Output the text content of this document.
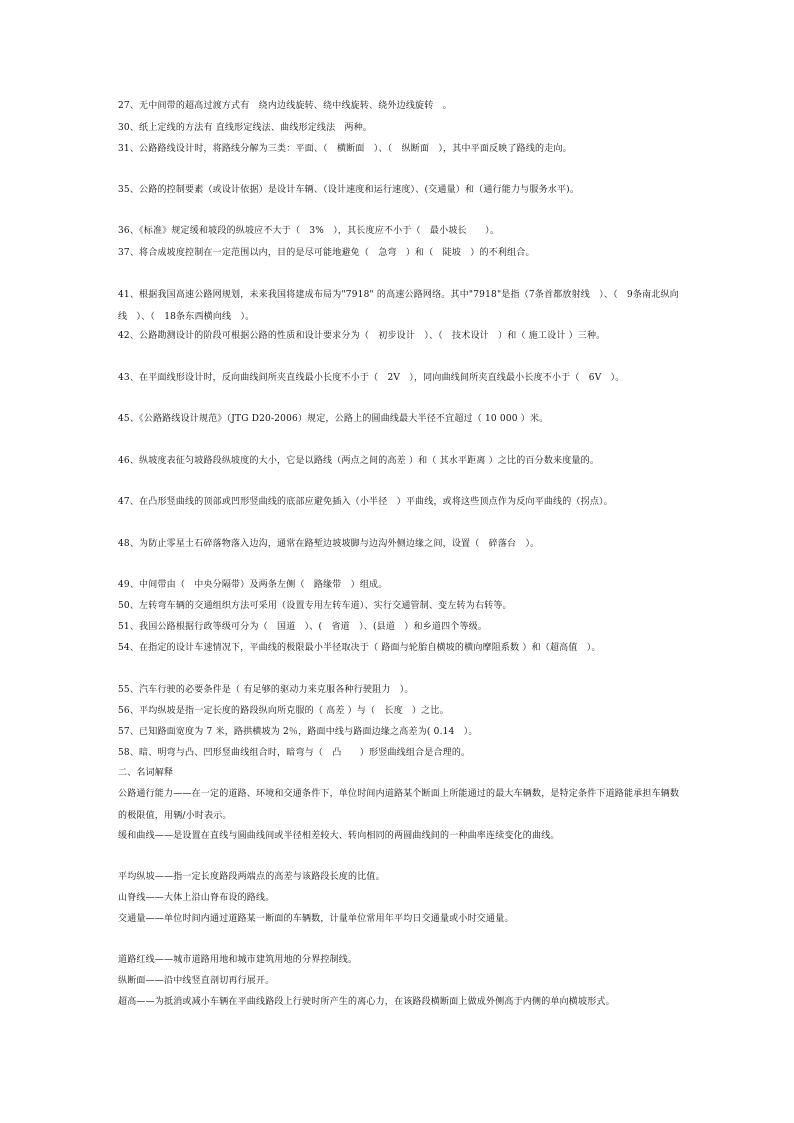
27、无中间带的超高过渡方式有　绕内边线旋转、绕中线旋转、绕外边线旋转　。
30、纸上定线的方法有 直线形定线法、曲线形定线法　两种。
31、公路路线设计时，将路线分解为三类：平面、（　横断面　）、（　纵断面　），其中平面反映了路线的走向。
35、公路的控制要素（或设计依据）是设计车辆、（设计速度和运行速度）、(交通量）和（通行能力与服务水平)。
36、《标准》规定缓和坡段的纵坡应不大于（　3%　），其长度应不小于（　最小坡长　　）。
37、将合成坡度控制在一定范围以内，目的是尽可能地避免（　急弯　）和（　陡坡　）的不利组合。
41、根据我国高速公路网规划，未来我国将建成布局为"7918" 的高速公路网络。其中"7918"是指（7条首都放射线　）、（　9条南北纵向线　）、（　18条东西横向线　）。
42、公路勘测设计的阶段可根据公路的性质和设计要求分为（　初步设计　）、（　技术设计　）和（ 施工设计 ）三种。
43、在平面线形设计时，反向曲线间所夹直线最小长度不小于（　2V　），同向曲线间所夹直线最小长度不小于（　6V　）。
45、《公路路线设计规范》（JTG D20-2006）规定，公路上的圆曲线最大半径不宜超过（ 10 000 ）米。
46、纵坡度表征匀坡路段纵坡度的大小，它是以路线（两点之间的高差 ）和（ 其水平距离 ）之比的百分数来度量的。
47、在凸形竖曲线的顶部或凹形竖曲线的底部应避免插入（小半径　）平曲线，或将这些顶点作为反向平曲线的（拐点）。
48、为防止零星土石碎落物落入边沟，通常在路堑边坡坡脚与边沟外侧边缘之间，设置（　碎落台　）。
49、中间带由（　中央分隔带）及两条左侧（　路缘带　）组成。
50、左转弯车辆的交通组织方法可采用（设置专用左转车道）、实行交通管制、变左转为右转等。
51、我国公路根据行政等级可分为（　国道　）、(　省道　）、(县道　）和乡道四个等级。
54、在指定的设计车速情况下，平曲线的极限最小半径取决于（ 路面与轮胎自横坡的横向摩阻系数 ）和（超高值　）。
55、汽车行驶的必要条件是（ 有足够的驱动力来克服各种行驶阻力　）。
56、平均纵坡是指一定长度的路段纵向所克服的（ 高差 ）与（　长度　）之比。
57、已知路面宽度为 7 米，路拱横坡为 2％，路面中线与路面边缘之高差为( 0.14　）。
58、暗、明弯与凸、凹形竖曲线组合时，暗弯与（　凸　　）形竖曲线组合是合理的。
二、名词解释
公路通行能力——在一定的道路、环境和交通条件下，单位时间内道路某个断面上所能通过的最大车辆数，是特定条件下道路能承担车辆数的极限值，用辆/小时表示。
缓和曲线——是设置在直线与圆曲线间或半径相差较大、转向相同的两圆曲线间的一种曲率连续变化的曲线。
平均纵坡——指一定长度路段两端点的高差与该路段长度的比值。
山脊线——大体上沿山脊布设的路线。
交通量——单位时间内通过道路某一断面的车辆数，计量单位常用年平均日交通量或小时交通量。
道路红线——城市道路用地和城市建筑用地的分界控制线。
纵断面——沿中线竖直剖切再行展开。
超高——为抵消或减小车辆在平曲线路段上行驶时所产生的离心力，在该路段横断面上做成外侧高于内侧的单向横坡形式。
